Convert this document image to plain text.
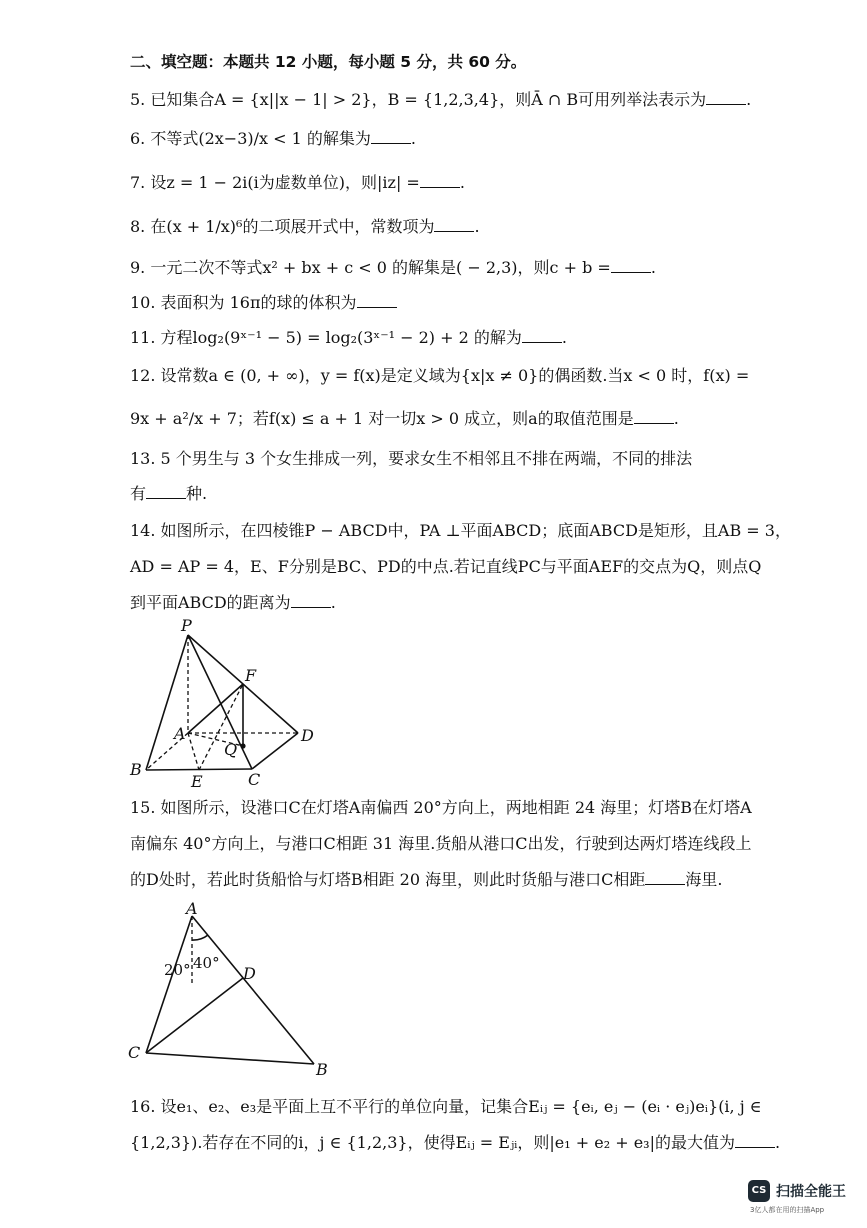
二、填空题：本题共 12 小题，每小题 5 分，共 60 分。
5. 已知集合A = {x||x − 1| > 2}，B = {1,2,3,4}，则Ā ∩ B可用列举法表示为	.
6. 不等式(2x−3)/x < 1 的解集为	.
7. 设z = 1 − 2i(i为虚数单位)，则|iz| =	.
8. 在(x + 1/x)⁶的二项展开式中，常数项为	.
9. 一元二次不等式x² + bx + c < 0 的解集是( − 2,3)，则c + b =	.
10. 表面积为 16π的球的体积为
11. 方程log₂(9ˣ⁻¹ − 5) = log₂(3ˣ⁻¹ − 2) + 2 的解为	.
12. 设常数a ∈ (0, + ∞)，y = f(x)是定义域为{x|x ≠ 0}的偶函数.当x < 0 时，f(x) =
9x + a²/x + 7；若f(x) ≤ a + 1 对一切x > 0 成立，则a的取值范围是	.
13. 5 个男生与 3 个女生排成一列，要求女生不相邻且不排在两端，不同的排法
有	种.
14. 如图所示，在四棱锥P − ABCD中，PA ⊥平面ABCD；底面ABCD是矩形，且AB = 3，
AD = AP = 4，E、F分别是BC、PD的中点.若记直线PC与平面AEF的交点为Q，则点Q
到平面ABCD的距离为	.
P
F
A
Q
D
B
E	C
15. 如图所示，设港口C在灯塔A南偏西 20°方向上，两地相距 24 海里；灯塔B在灯塔A
南偏东 40°方向上，与港口C相距 31 海里.货船从港口C出发，行驶到达两灯塔连线段上
的D处时，若此时货船恰与灯塔B相距 20 海里，则此时货船与港口C相距	海里.
A
D
C
B
20° 40°
16. 设e₁、e₂、e₃是平面上互不平行的单位向量，记集合Eᵢⱼ = {eᵢ, eⱼ − (eᵢ · eⱼ)eᵢ}(i, j ∈
{1,2,3}).若存在不同的i，j ∈ {1,2,3}，使得Eᵢⱼ = Eⱼᵢ，则|e₁ + e₂ + e₃|的最大值为	.
CS 扫描全能王
3亿人都在用的扫描App
